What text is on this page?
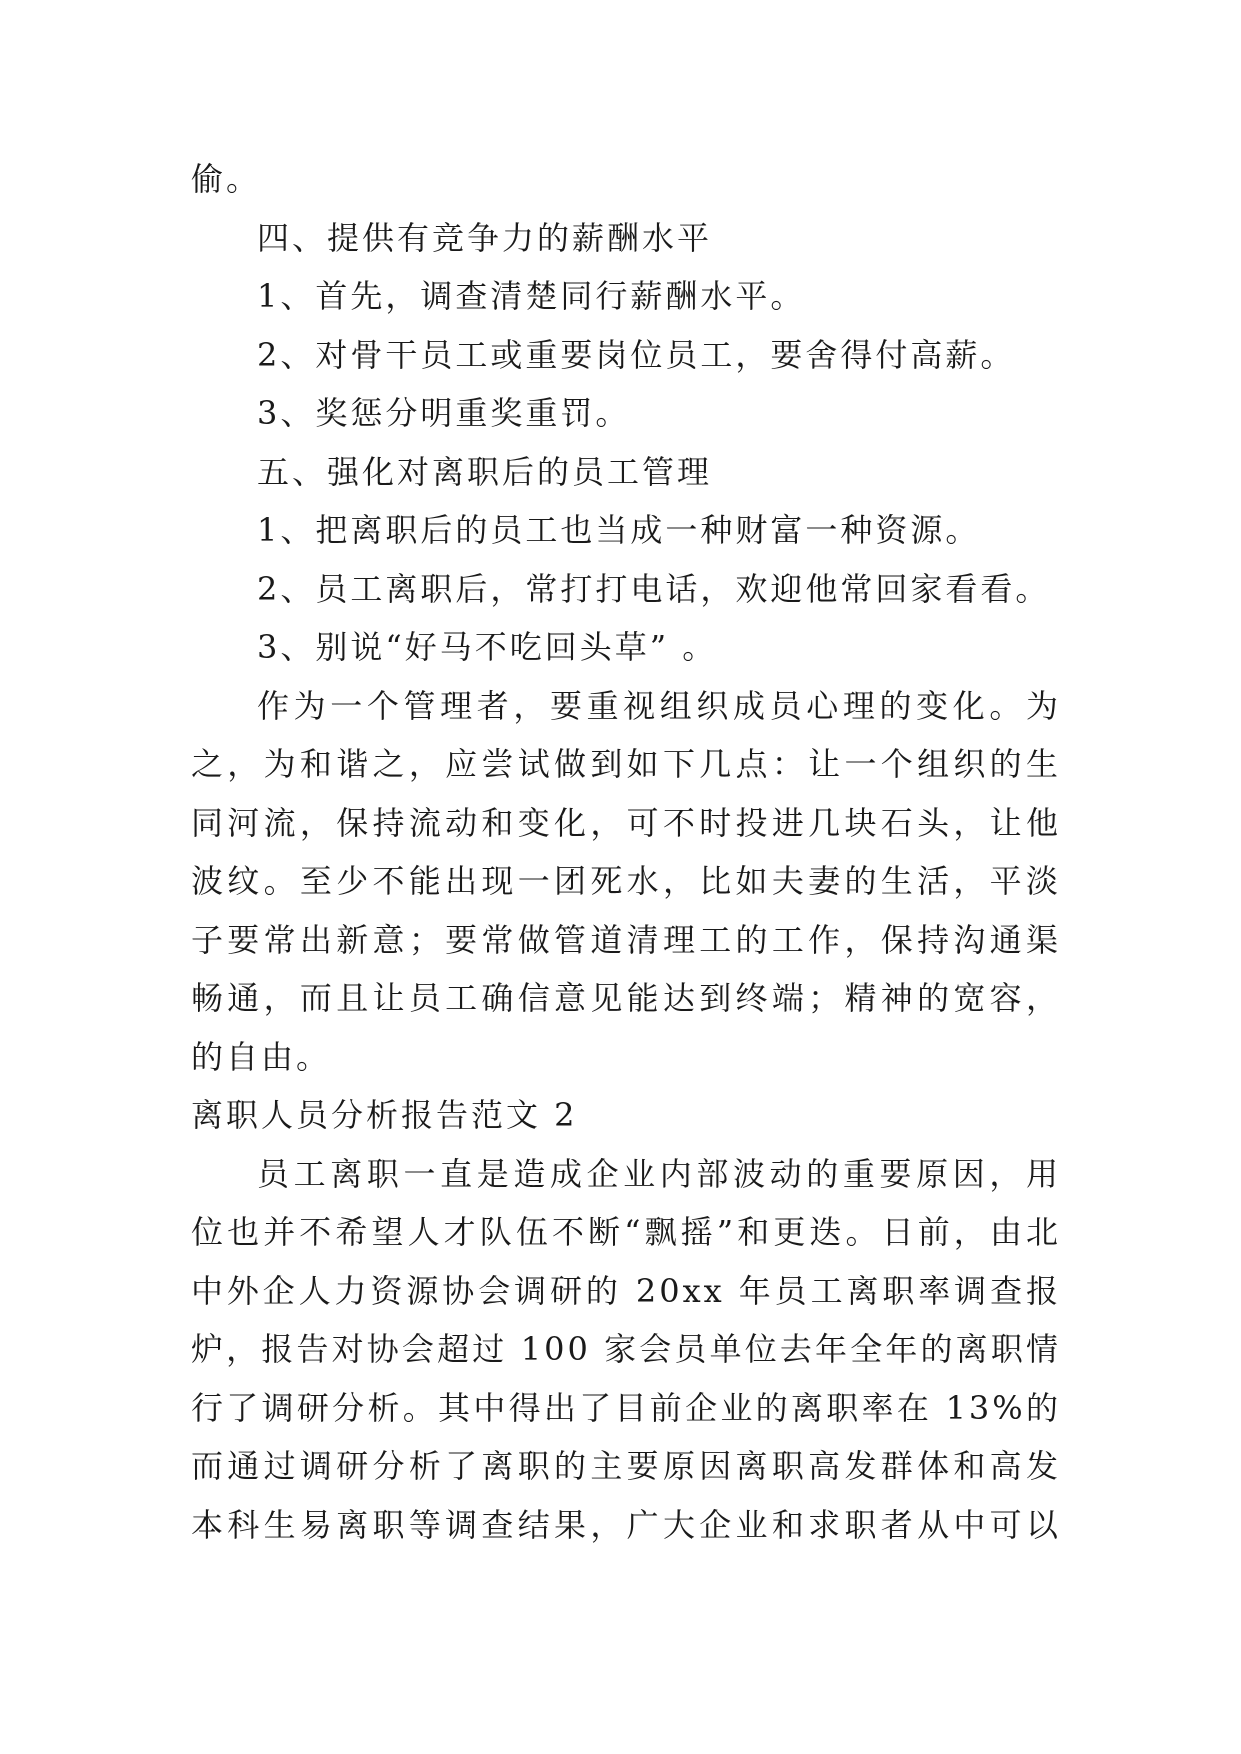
偷。
四、提供有竞争力的薪酬水平
1、首先，调查清楚同行薪酬水平。
2、对骨干员工或重要岗位员工，要舍得付高薪。
3、奖惩分明重奖重罚。
五、强化对离职后的员工管理
1、把离职后的员工也当成一种财富一种资源。
2、员工离职后，常打打电话，欢迎他常回家看看。
3、别说“好马不吃回头草” 。
作为一个管理者，要重视组织成员心理的变化。为
之，为和谐之，应尝试做到如下几点：让一个组织的生
同河流，保持流动和变化，可不时投进几块石头，让他
波纹。至少不能出现一团死水，比如夫妻的生活，平淡
子要常出新意；要常做管道清理工的工作，保持沟通渠
畅通，而且让员工确信意见能达到终端；精神的宽容，
的自由。
离职人员分析报告范文 2
员工离职一直是造成企业内部波动的重要原因，用
位也并不希望人才队伍不断“飘摇”和更迭。日前，由北
中外企人力资源协会调研的 20xx 年员工离职率调查报
炉，报告对协会超过 100 家会员单位去年全年的离职情
行了调研分析。其中得出了目前企业的离职率在 13%的
而通过调研分析了离职的主要原因离职高发群体和高发
本科生易离职等调查结果，广大企业和求职者从中可以
